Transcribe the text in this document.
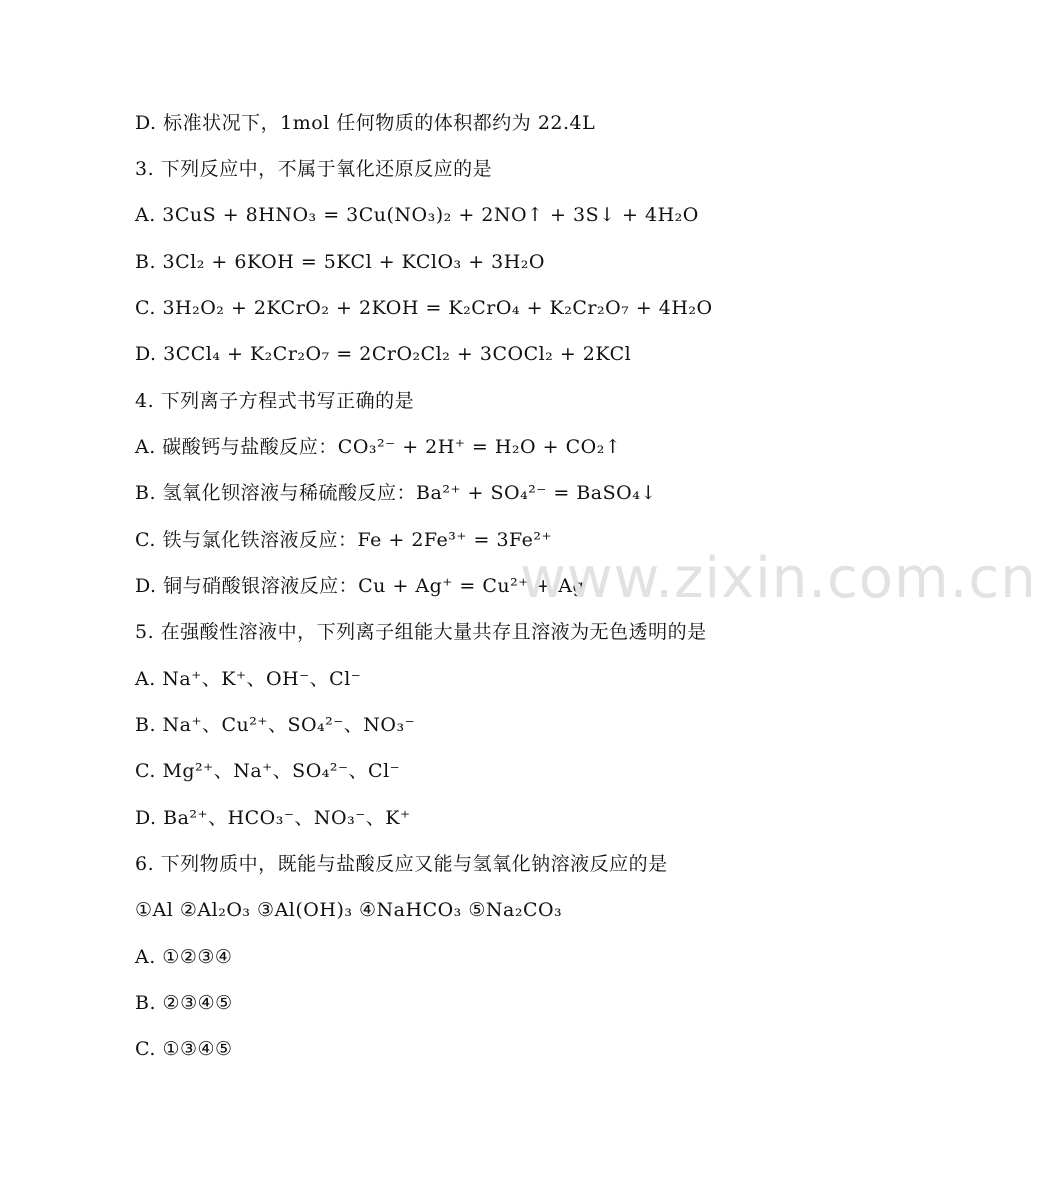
D. 标准状况下，1mol 任何物质的体积都约为 22.4L
3. 下列反应中，不属于氧化还原反应的是
A. 3CuS + 8HNO₃ = 3Cu(NO₃)₂ + 2NO↑ + 3S↓ + 4H₂O
B. 3Cl₂ + 6KOH = 5KCl + KClO₃ + 3H₂O
C. 3H₂O₂ + 2KCrO₂ + 2KOH = K₂CrO₄ + K₂Cr₂O₇ + 4H₂O
D. 3CCl₄ + K₂Cr₂O₇ = 2CrO₂Cl₂ + 3COCl₂ + 2KCl
4. 下列离子方程式书写正确的是
A. 碳酸钙与盐酸反应：CO₃²⁻ + 2H⁺ = H₂O + CO₂↑
B. 氢氧化钡溶液与稀硫酸反应：Ba²⁺ + SO₄²⁻ = BaSO₄↓
C. 铁与氯化铁溶液反应：Fe + 2Fe³⁺ = 3Fe²⁺
D. 铜与硝酸银溶液反应：Cu + Ag⁺ = Cu²⁺ + Ag
5. 在强酸性溶液中，下列离子组能大量共存且溶液为无色透明的是
A. Na⁺、K⁺、OH⁻、Cl⁻
B. Na⁺、Cu²⁺、SO₄²⁻、NO₃⁻
C. Mg²⁺、Na⁺、SO₄²⁻、Cl⁻
D. Ba²⁺、HCO₃⁻、NO₃⁻、K⁺
6. 下列物质中，既能与盐酸反应又能与氢氧化钠溶液反应的是
①Al ②Al₂O₃ ③Al(OH)₃ ④NaHCO₃ ⑤Na₂CO₃
A. ①②③④
B. ②③④⑤
C. ①③④⑤
www.zixin.com.cn
